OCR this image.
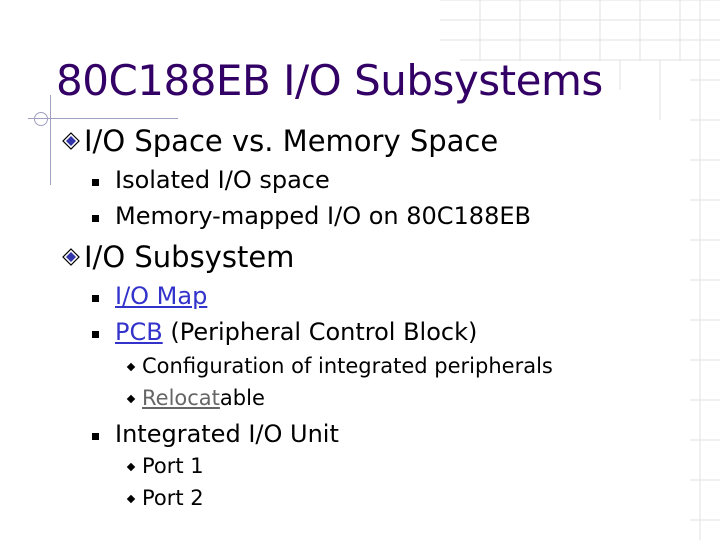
80C188EB I/O Subsystems
I/O Space vs. Memory Space
Isolated I/O space
Memory-mapped I/O on 80C188EB
I/O Subsystem
I/O Map
PCB (Peripheral Control Block)
Configuration of integrated peripherals
Relocat able
Integrated I/O Unit
Port 1
Port 2
